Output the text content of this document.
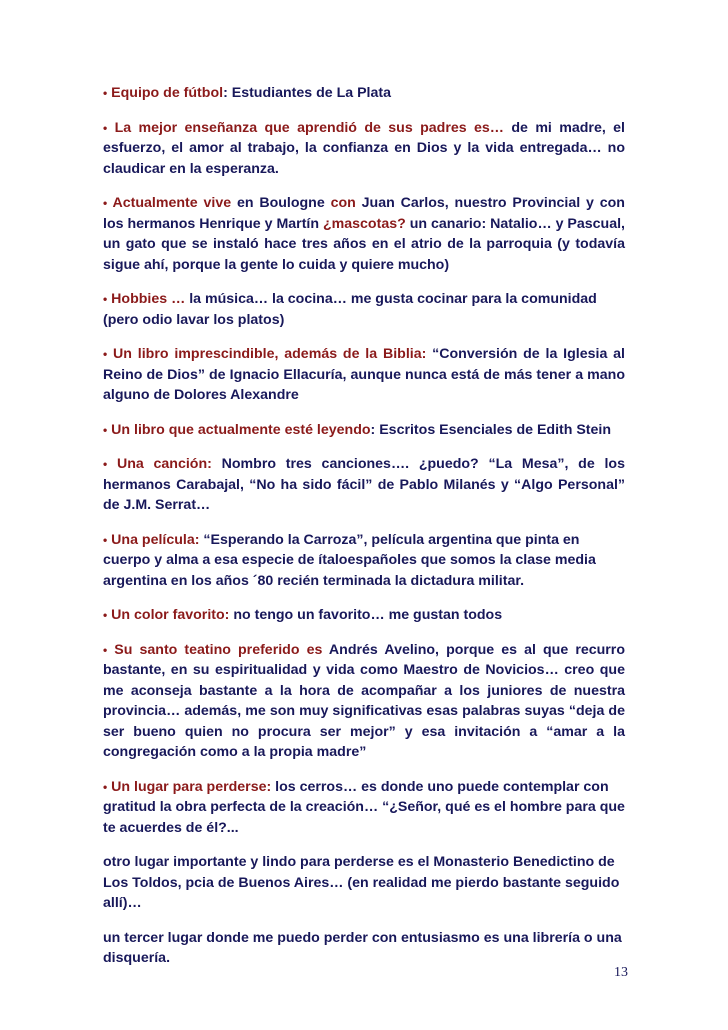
• Equipo de fútbol: Estudiantes de La Plata

• La mejor enseñanza que aprendió de sus padres es… de mi madre, el esfuerzo, el amor al trabajo, la confianza en Dios y la vida entregada… no claudicar en la esperanza.

• Actualmente vive en Boulogne con Juan Carlos, nuestro Provincial y con los hermanos Henrique y Martín ¿mascotas? un canario: Natalio… y Pascual, un gato que se instaló hace tres años en el atrio de la parroquia (y todavía sigue ahí, porque la gente lo cuida y quiere mucho)

• Hobbies … la música… la cocina… me gusta cocinar para la comunidad (pero odio lavar los platos)

• Un libro imprescindible, además de la Biblia: “Conversión de la Iglesia al Reino de Dios” de Ignacio Ellacuría, aunque nunca está de más tener a mano alguno de Dolores Alexandre

• Un libro que actualmente esté leyendo: Escritos Esenciales de Edith Stein

• Una canción: Nombro tres canciones…. ¿puedo? “La Mesa”, de los hermanos Carabajal, “No ha sido fácil” de Pablo Milanés y “Algo Personal” de J.M. Serrat…

• Una película: “Esperando la Carroza”, película argentina que pinta en cuerpo y alma a esa especie de ítaloespañoles que somos la clase media argentina en los años ´80 recién terminada la dictadura militar.

• Un color favorito: no tengo un favorito… me gustan todos

• Su santo teatino preferido es Andrés Avelino, porque es al que recurro bastante, en su espiritualidad y vida como Maestro de Novicios… creo que me aconseja bastante a la hora de acompañar a los juniores de nuestra provincia… además, me son muy significativas esas palabras suyas “deja de ser bueno quien no procura ser mejor” y esa invitación a “amar a la congregación como a la propia madre”

• Un lugar para perderse: los cerros… es donde uno puede contemplar con gratitud la obra perfecta de la creación… “¿Señor, qué es el hombre para que te acuerdes de él?...

otro lugar importante y lindo para perderse es el Monasterio Benedictino de Los Toldos, pcia de Buenos Aires… (en realidad me pierdo bastante seguido allí)…

un tercer lugar donde me puedo perder con entusiasmo es una librería o una disquería.

13
